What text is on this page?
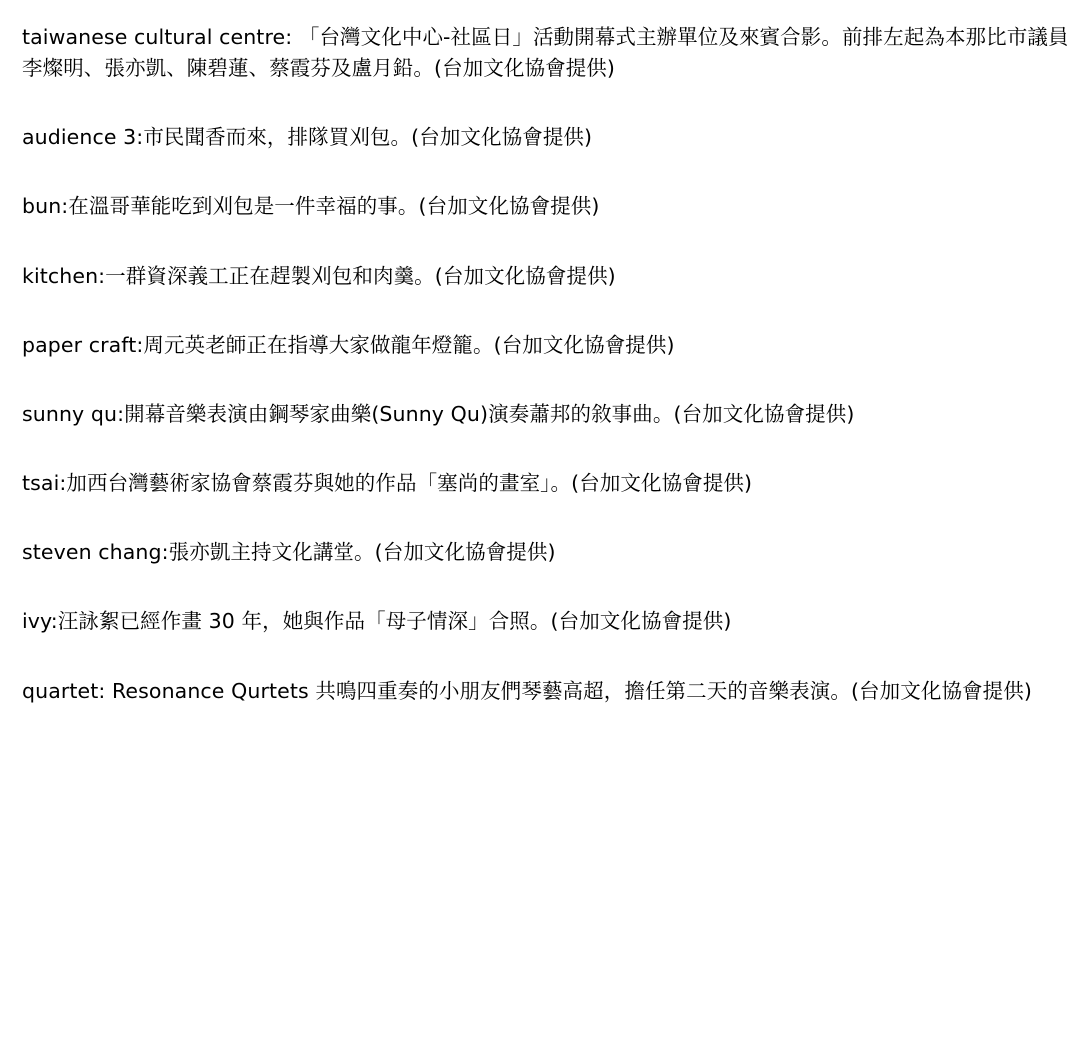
taiwanese cultural centre: 「台灣文化中心-社區日」活動開幕式主辦單位及來賓合影。前排左起為本那比市議員李燦明、張亦凱、陳碧蓮、蔡霞芬及盧月鉛。(台加文化協會提供)

audience 3:市民聞香而來，排隊買刈包。(台加文化協會提供)

bun:在溫哥華能吃到刈包是一件幸福的事。(台加文化協會提供)

kitchen:一群資深義工正在趕製刈包和肉羹。(台加文化協會提供)

paper craft:周元英老師正在指導大家做龍年燈籠。(台加文化協會提供)

sunny qu:開幕音樂表演由鋼琴家曲樂(Sunny Qu)演奏蕭邦的敘事曲。(台加文化協會提供)

tsai:加西台灣藝術家協會蔡霞芬與她的作品「塞尚的畫室」。(台加文化協會提供)

steven chang:張亦凱主持文化講堂。(台加文化協會提供)

ivy:汪詠絮已經作畫 30 年，她與作品「母子情深」合照。(台加文化協會提供)

quartet: Resonance Qurtets 共鳴四重奏的小朋友們琴藝高超，擔任第二天的音樂表演。(台加文化協會提供)
